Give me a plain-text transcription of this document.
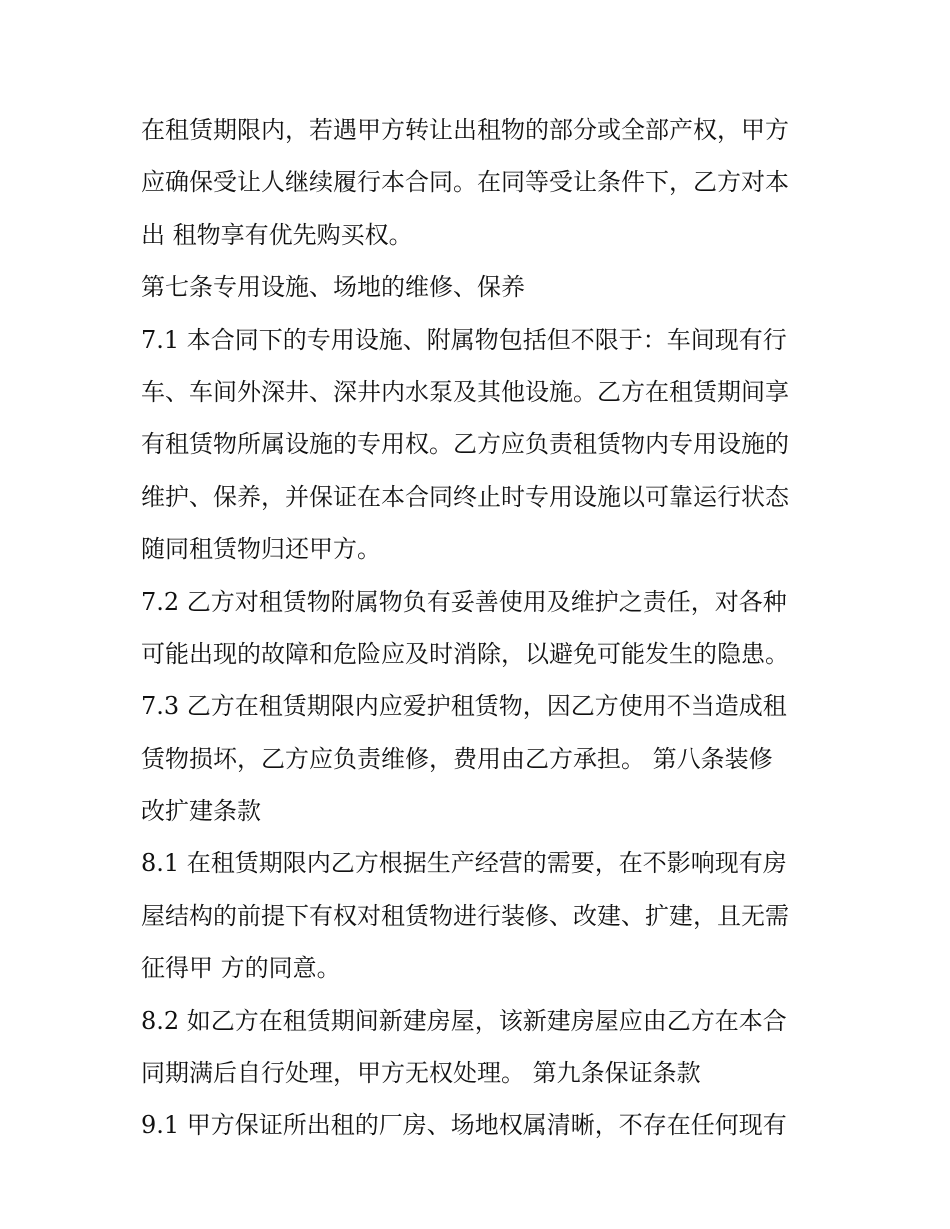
在租赁期限内，若遇甲方转让出租物的部分或全部产权，甲方
应确保受让人继续履行本合同。在同等受让条件下，乙方对本
出 租物享有优先购买权。
第七条专用设施、场地的维修、保养
7.1 本合同下的专用设施、附属物包括但不限于：车间现有行
车、车间外深井、深井内水泵及其他设施。乙方在租赁期间享
有租赁物所属设施的专用权。乙方应负责租赁物内专用设施的
维护、保养，并保证在本合同终止时专用设施以可靠运行状态
随同租赁物归还甲方。
7.2 乙方对租赁物附属物负有妥善使用及维护之责任，对各种
可能出现的故障和危险应及时消除，以避免可能发生的隐患。
7.3 乙方在租赁期限内应爱护租赁物，因乙方使用不当造成租
赁物损坏，乙方应负责维修，费用由乙方承担。 第八条装修
改扩建条款
8.1 在租赁期限内乙方根据生产经营的需要，在不影响现有房
屋结构的前提下有权对租赁物进行装修、改建、扩建，且无需
征得甲 方的同意。
8.2 如乙方在租赁期间新建房屋，该新建房屋应由乙方在本合
同期满后自行处理，甲方无权处理。 第九条保证条款
9.1 甲方保证所出租的厂房、场地权属清晰，不存在任何现有
